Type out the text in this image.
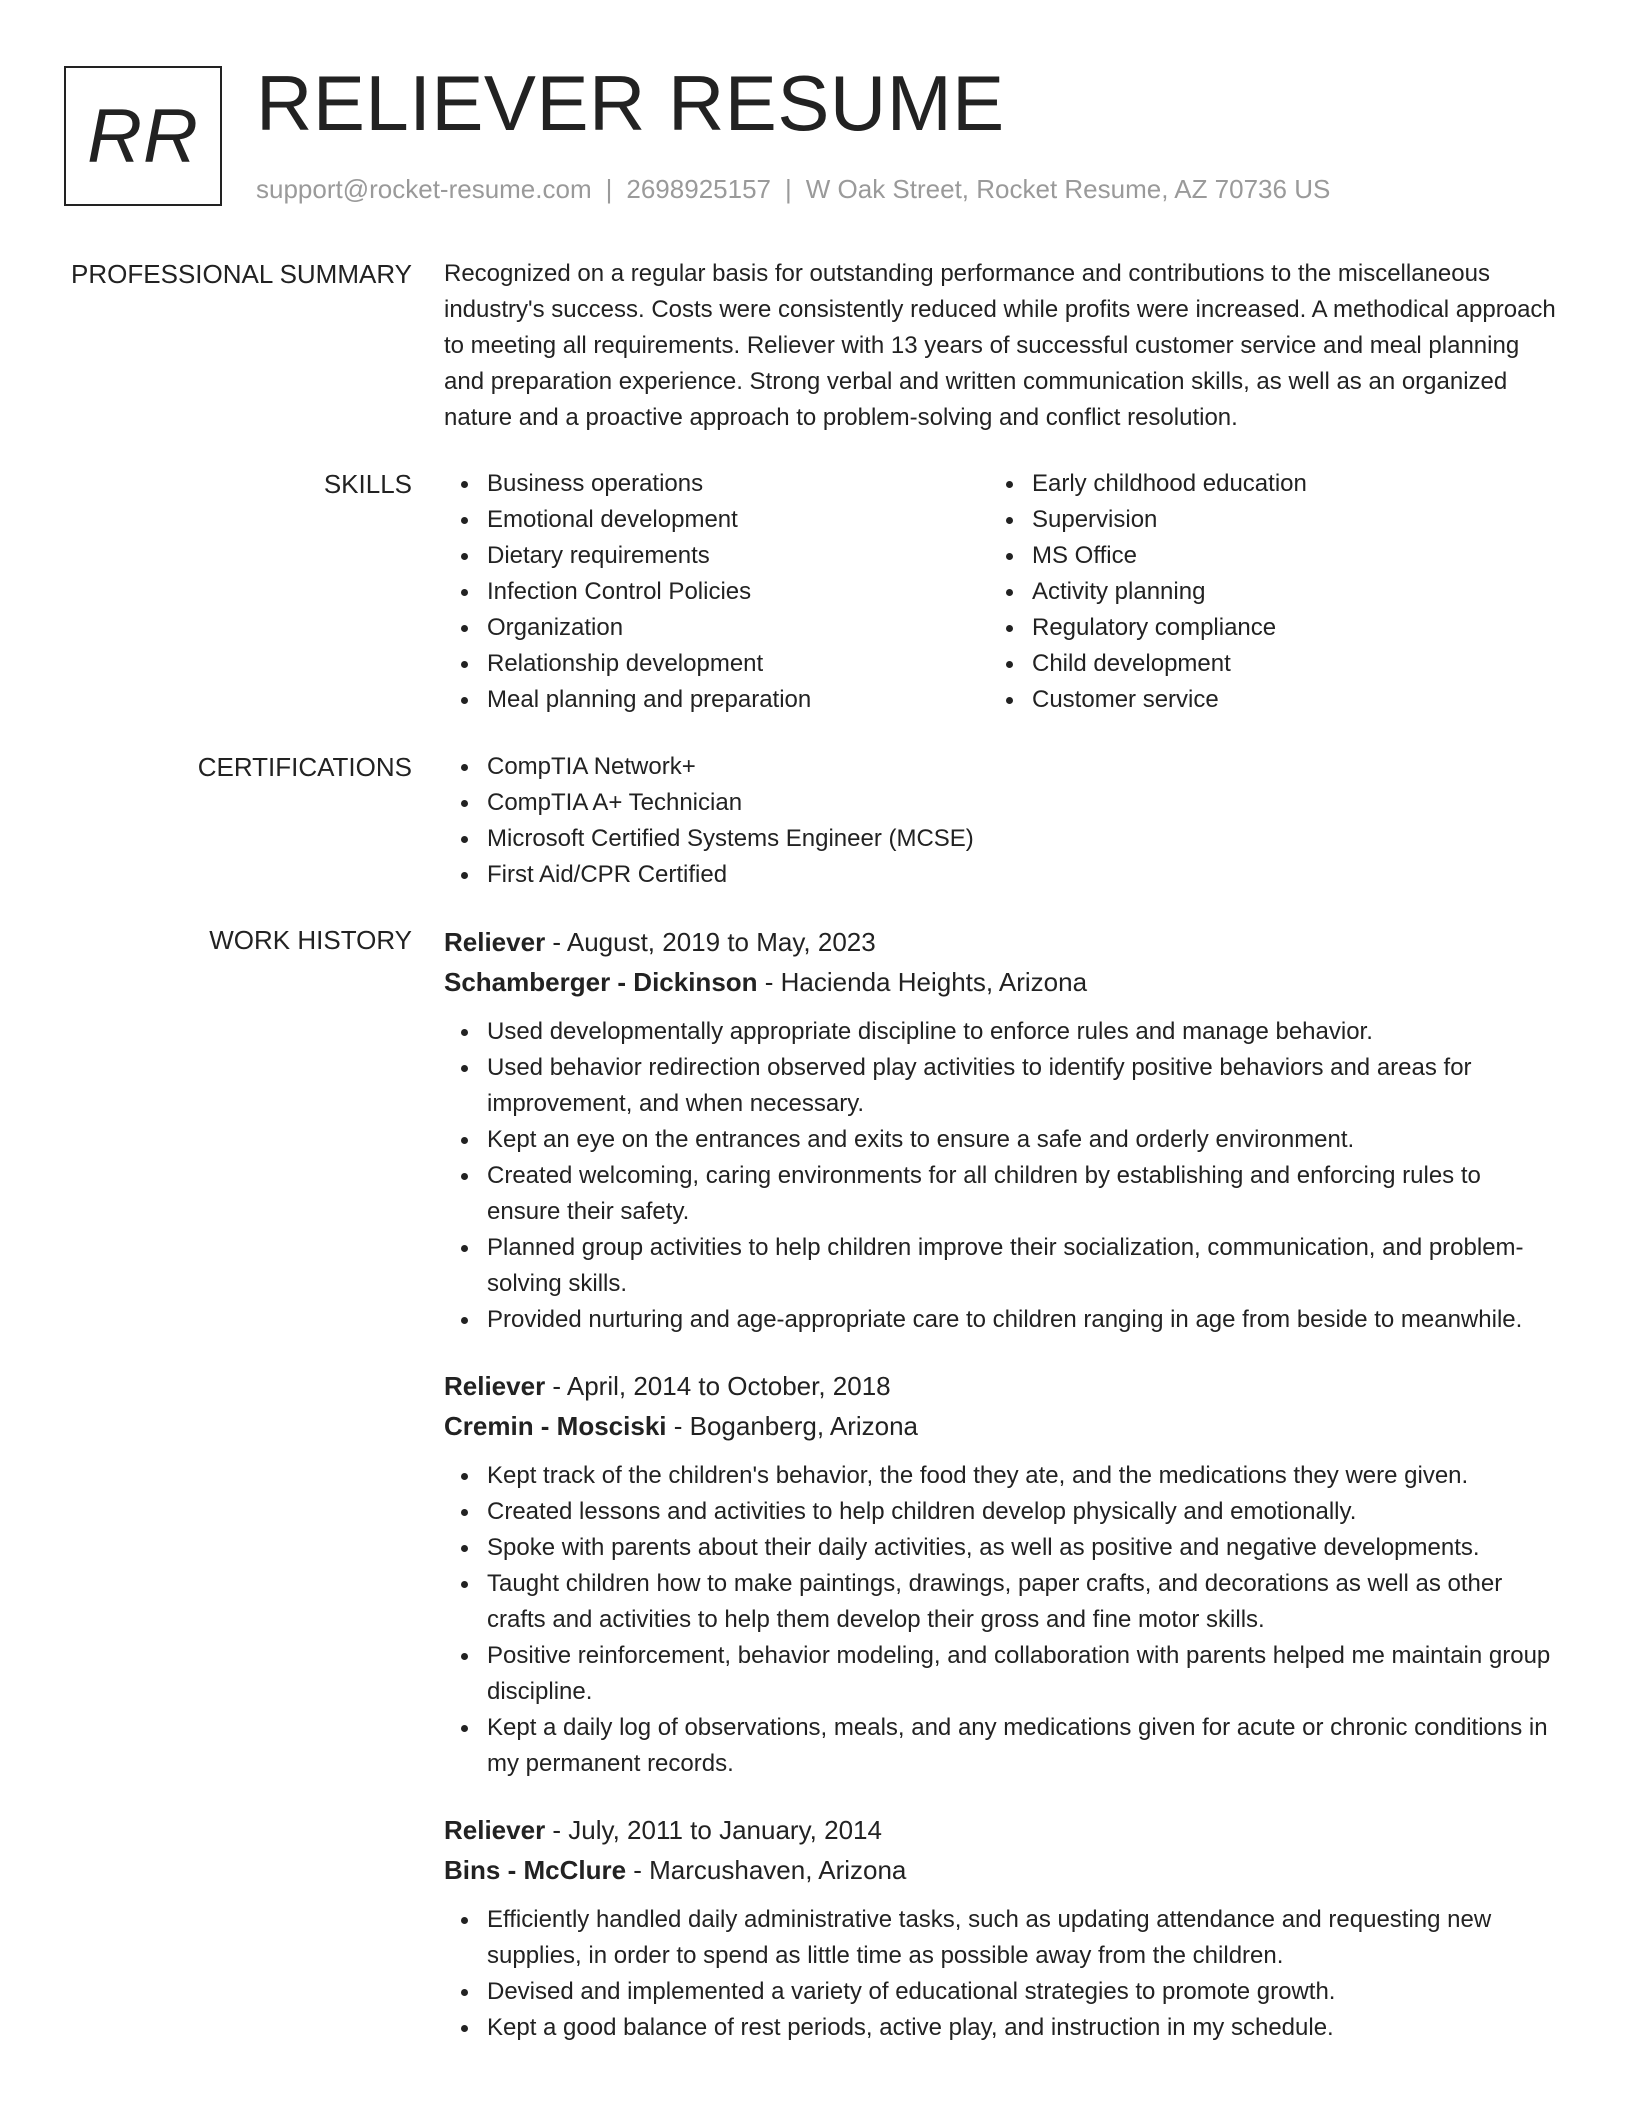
RR RELIEVER RESUME
support@rocket-resume.com | 2698925157 | W Oak Street, Rocket Resume, AZ 70736 US
PROFESSIONAL SUMMARY Recognized on a regular basis for outstanding performance and contributions to the miscellaneous industry's success. Costs were consistently reduced while profits were increased. A methodical approach to meeting all requirements. Reliever with 13 years of successful customer service and meal planning and preparation experience. Strong verbal and written communication skills, as well as an organized nature and a proactive approach to problem-solving and conflict resolution.
SKILLS	Business operations
Emotional development
Dietary requirements
Infection Control Policies
Organization
Relationship development
Meal planning and preparation
Early childhood education
Supervision
MS Office
Activity planning
Regulatory compliance
Child development
Customer service
CERTIFICATIONS	CompTIA Network+
CompTIA A+ Technician
Microsoft Certified Systems Engineer (MCSE)
First Aid/CPR Certified
WORK HISTORY Reliever - August, 2019 to May, 2023
Schamberger - Dickinson - Hacienda Heights, Arizona
Used developmentally appropriate discipline to enforce rules and manage behavior.
Used behavior redirection observed play activities to identify positive behaviors and areas for improvement, and when necessary.
Kept an eye on the entrances and exits to ensure a safe and orderly environment.
Created welcoming, caring environments for all children by establishing and enforcing rules to ensure their safety.
Planned group activities to help children improve their socialization, communication, and problem-solving skills.
Provided nurturing and age-appropriate care to children ranging in age from beside to meanwhile.
Reliever - April, 2014 to October, 2018
Cremin - Mosciski - Boganberg, Arizona
Kept track of the children's behavior, the food they ate, and the medications they were given.
Created lessons and activities to help children develop physically and emotionally.
Spoke with parents about their daily activities, as well as positive and negative developments.
Taught children how to make paintings, drawings, paper crafts, and decorations as well as other crafts and activities to help them develop their gross and fine motor skills.
Positive reinforcement, behavior modeling, and collaboration with parents helped me maintain group discipline.
Kept a daily log of observations, meals, and any medications given for acute or chronic conditions in my permanent records.
Reliever - July, 2011 to January, 2014
Bins - McClure - Marcushaven, Arizona
Efficiently handled daily administrative tasks, such as updating attendance and requesting new supplies, in order to spend as little time as possible away from the children.
Devised and implemented a variety of educational strategies to promote growth.
Kept a good balance of rest periods, active play, and instruction in my schedule.
